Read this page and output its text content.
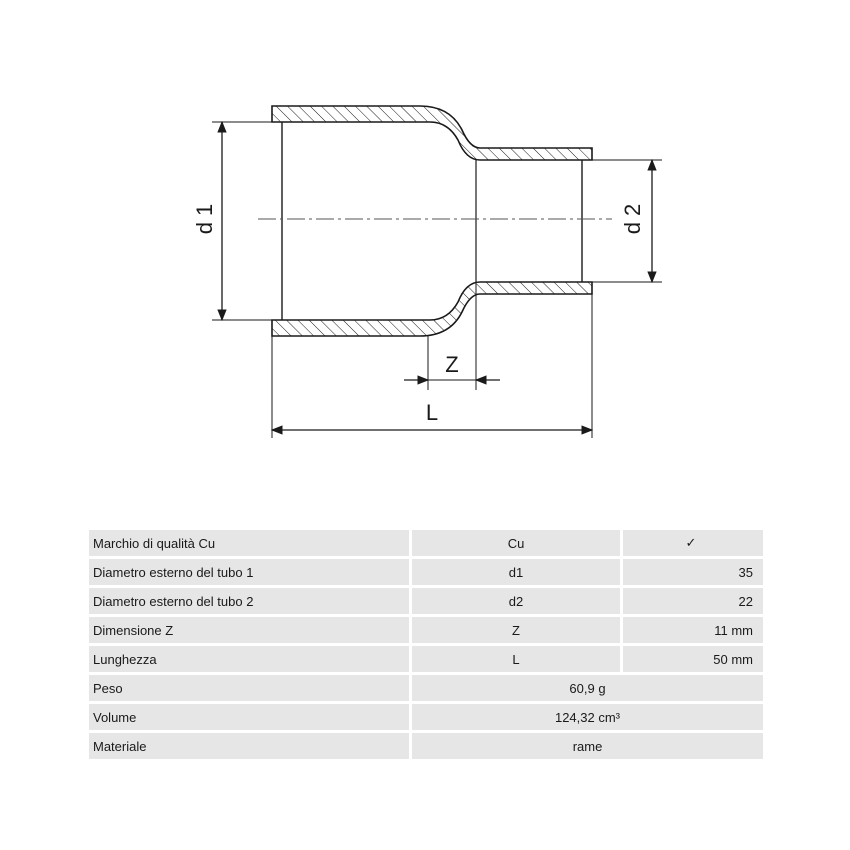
d 1	d 2
Z
L
Marchio di qualità Cu	Cu	✓
Diametro esterno del tubo 1	d1	35
Diametro esterno del tubo 2	d2	22
Dimensione Z	Z	11 mm
Lunghezza	L	50 mm
Peso	60,9 g	
Volume	124,32 cm³	
Materiale	rame	
